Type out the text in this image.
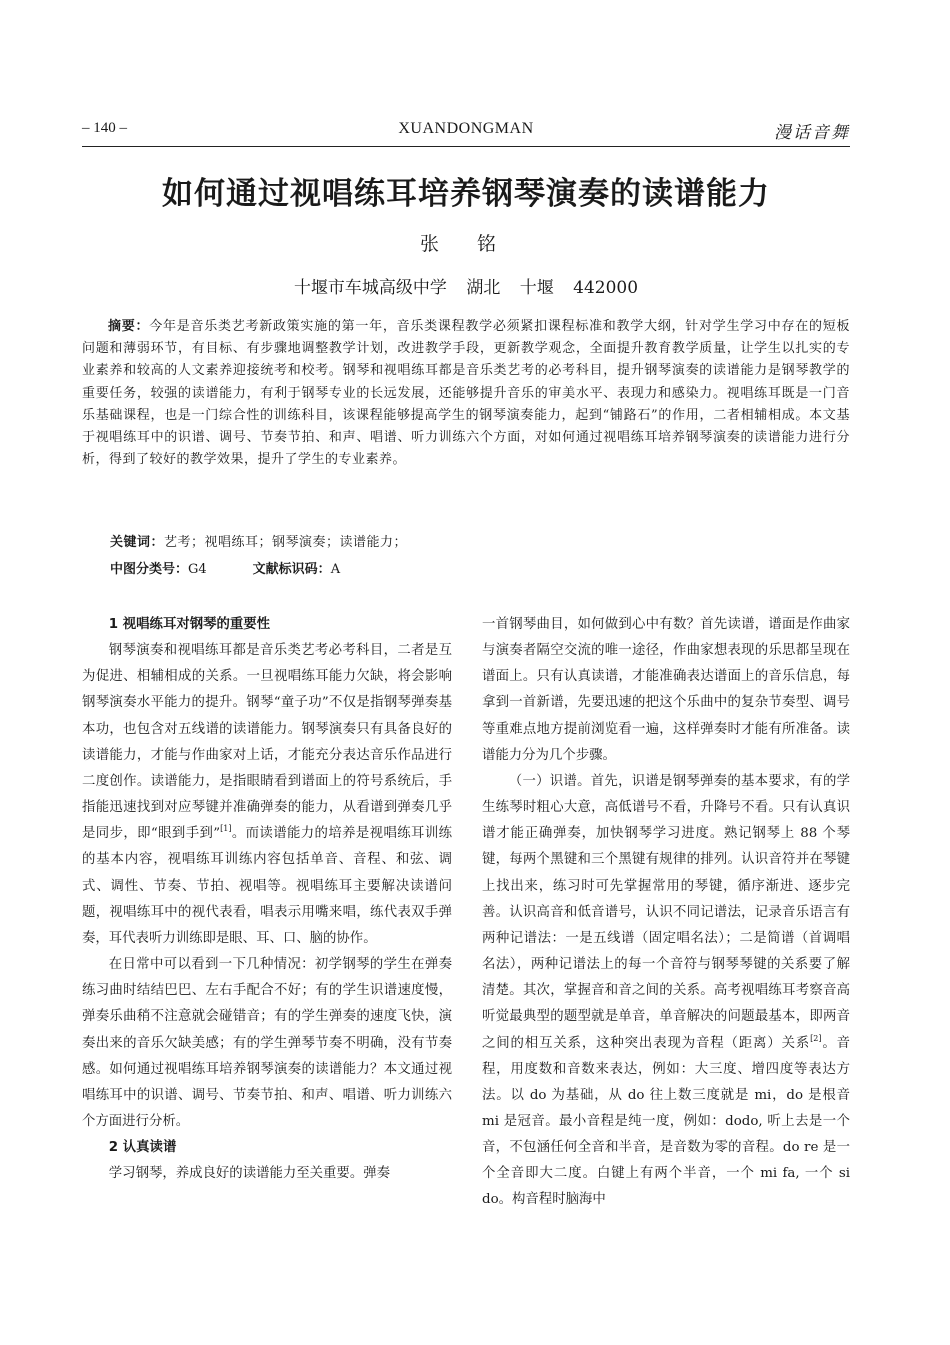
– 140 –	XUANDONGMAN	漫话音舞
如何通过视唱练耳培养钢琴演奏的读谱能力
张 铭
十堰市车城高级中学 湖北 十堰 442000
摘要：今年是音乐类艺考新政策实施的第一年，音乐类课程教学必须紧扣课程标准和教学大纲，针对学生学习中存在的短板问题和薄弱环节，有目标、有步骤地调整教学计划，改进教学手段，更新教学观念，全面提升教育教学质量，让学生以扎实的专业素养和较高的人文素养迎接统考和校考。钢琴和视唱练耳都是音乐类艺考的必考科目，提升钢琴演奏的读谱能力是钢琴教学的重要任务，较强的读谱能力，有利于钢琴专业的长远发展，还能够提升音乐的审美水平、表现力和感染力。视唱练耳既是一门音乐基础课程，也是一门综合性的训练科目，该课程能够提高学生的钢琴演奏能力，起到“铺路石”的作用，二者相辅相成。本文基于视唱练耳中的识谱、调号、节奏节拍、和声、唱谱、听力训练六个方面，对如何通过视唱练耳培养钢琴演奏的读谱能力进行分析，得到了较好的教学效果，提升了学生的专业素养。
关键词：艺考；视唱练耳；钢琴演奏；读谱能力；
中图分类号：G4	文献标识码：A
1 视唱练耳对钢琴的重要性

钢琴演奏和视唱练耳都是音乐类艺考必考科目，二者是互为促进、相辅相成的关系。一旦视唱练耳能力欠缺，将会影响钢琴演奏水平能力的提升。钢琴“童子功”不仅是指钢琴弹奏基本功，也包含对五线谱的读谱能力。钢琴演奏只有具备良好的读谱能力，才能与作曲家对上话，才能充分表达音乐作品进行二度创作。读谱能力，是指眼睛看到谱面上的符号系统后，手指能迅速找到对应琴键并准确弹奏的能力，从看谱到弹奏几乎是同步，即“眼到手到”[1]。而读谱能力的培养是视唱练耳训练的基本内容，视唱练耳训练内容包括单音、音程、和弦、调式、调性、节奏、节拍、视唱等。视唱练耳主要解决读谱问题，视唱练耳中的视代表看，唱表示用嘴来唱，练代表双手弹奏，耳代表听力训练即是眼、耳、口、脑的协作。

在日常中可以看到一下几种情况：初学钢琴的学生在弹奏练习曲时结结巴巴、左右手配合不好；有的学生识谱速度慢，弹奏乐曲稍不注意就会碰错音；有的学生弹奏的速度飞快，演奏出来的音乐欠缺美感；有的学生弹琴节奏不明确，没有节奏感。如何通过视唱练耳培养钢琴演奏的读谱能力？本文通过视唱练耳中的识谱、调号、节奏节拍、和声、唱谱、听力训练六个方面进行分析。

2 认真读谱

学习钢琴，养成良好的读谱能力至关重要。弹奏

一首钢琴曲目，如何做到心中有数？首先读谱，谱面是作曲家与演奏者隔空交流的唯一途径，作曲家想表现的乐思都呈现在谱面上。只有认真读谱，才能准确表达谱面上的音乐信息，每拿到一首新谱，先要迅速的把这个乐曲中的复杂节奏型、调号等重难点地方提前浏览看一遍，这样弹奏时才能有所准备。读谱能力分为几个步骤。

（一）识谱。首先，识谱是钢琴弹奏的基本要求，有的学生练琴时粗心大意，高低谱号不看，升降号不看。只有认真识谱才能正确弹奏，加快钢琴学习进度。熟记钢琴上 88 个琴键，每两个黑键和三个黑键有规律的排列。认识音符并在琴键上找出来，练习时可先掌握常用的琴键，循序渐进、逐步完善。认识高音和低音谱号，认识不同记谱法，记录音乐语言有两种记谱法：一是五线谱（固定唱名法）；二是简谱（首调唱名法），两种记谱法上的每一个音符与钢琴琴键的关系要了解清楚。其次，掌握音和音之间的关系。高考视唱练耳考察音高听觉最典型的题型就是单音，单音解决的问题最基本，即两音之间的相互关系，这种突出表现为音程（距离）关系[2]。音程，用度数和音数来表达，例如：大三度、增四度等表达方法。以 do 为基础，从 do 往上数三度就是 mi，do 是根音 mi 是冠音。最小音程是纯一度，例如：dodo, 听上去是一个音，不包涵任何全音和半音，是音数为零的音程。do re 是一个全音即大二度。白键上有两个半音，一个 mi fa, 一个 si do。构音程时脑海中
